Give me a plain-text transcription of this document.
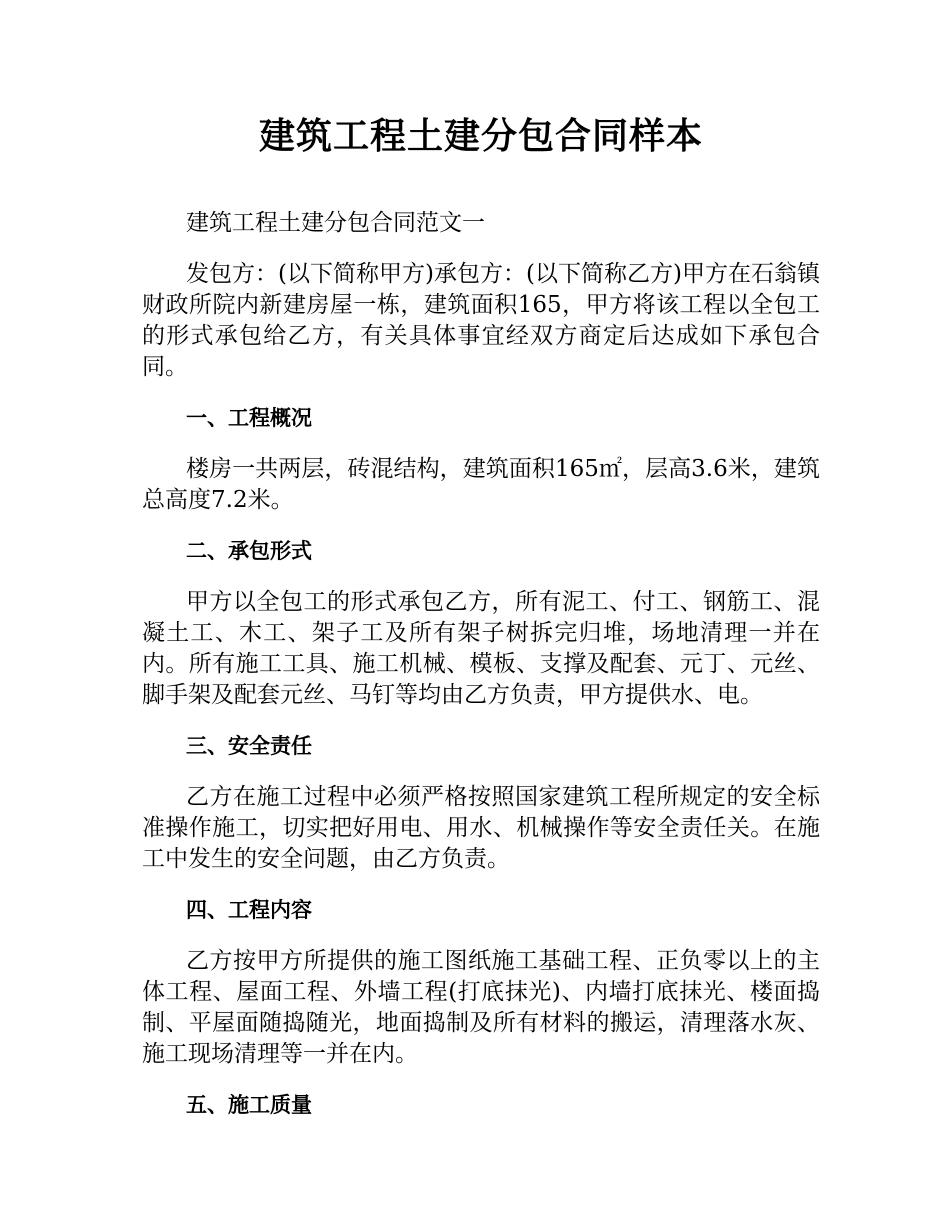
建筑工程土建分包合同样本

建筑工程土建分包合同范文一

发包方：(以下简称甲方)承包方：(以下简称乙方)甲方在石翁镇财政所院内新建房屋一栋，建筑面积165，甲方将该工程以全包工的形式承包给乙方，有关具体事宜经双方商定后达成如下承包合同。

一、工程概况

楼房一共两层，砖混结构，建筑面积165㎡，层高3.6米，建筑总高度7.2米。

二、承包形式

甲方以全包工的形式承包乙方，所有泥工、付工、钢筋工、混凝土工、木工、架子工及所有架子树拆完归堆，场地清理一并在内。所有施工工具、施工机械、模板、支撑及配套、元丁、元丝、脚手架及配套元丝、马钉等均由乙方负责，甲方提供水、电。

三、安全责任

乙方在施工过程中必须严格按照国家建筑工程所规定的安全标准操作施工，切实把好用电、用水、机械操作等安全责任关。在施工中发生的安全问题，由乙方负责。

四、工程内容

乙方按甲方所提供的施工图纸施工基础工程、正负零以上的主体工程、屋面工程、外墙工程(打底抹光)、内墙打底抹光、楼面捣制、平屋面随捣随光，地面捣制及所有材料的搬运，清理落水灰、施工现场清理等一并在内。

五、施工质量
